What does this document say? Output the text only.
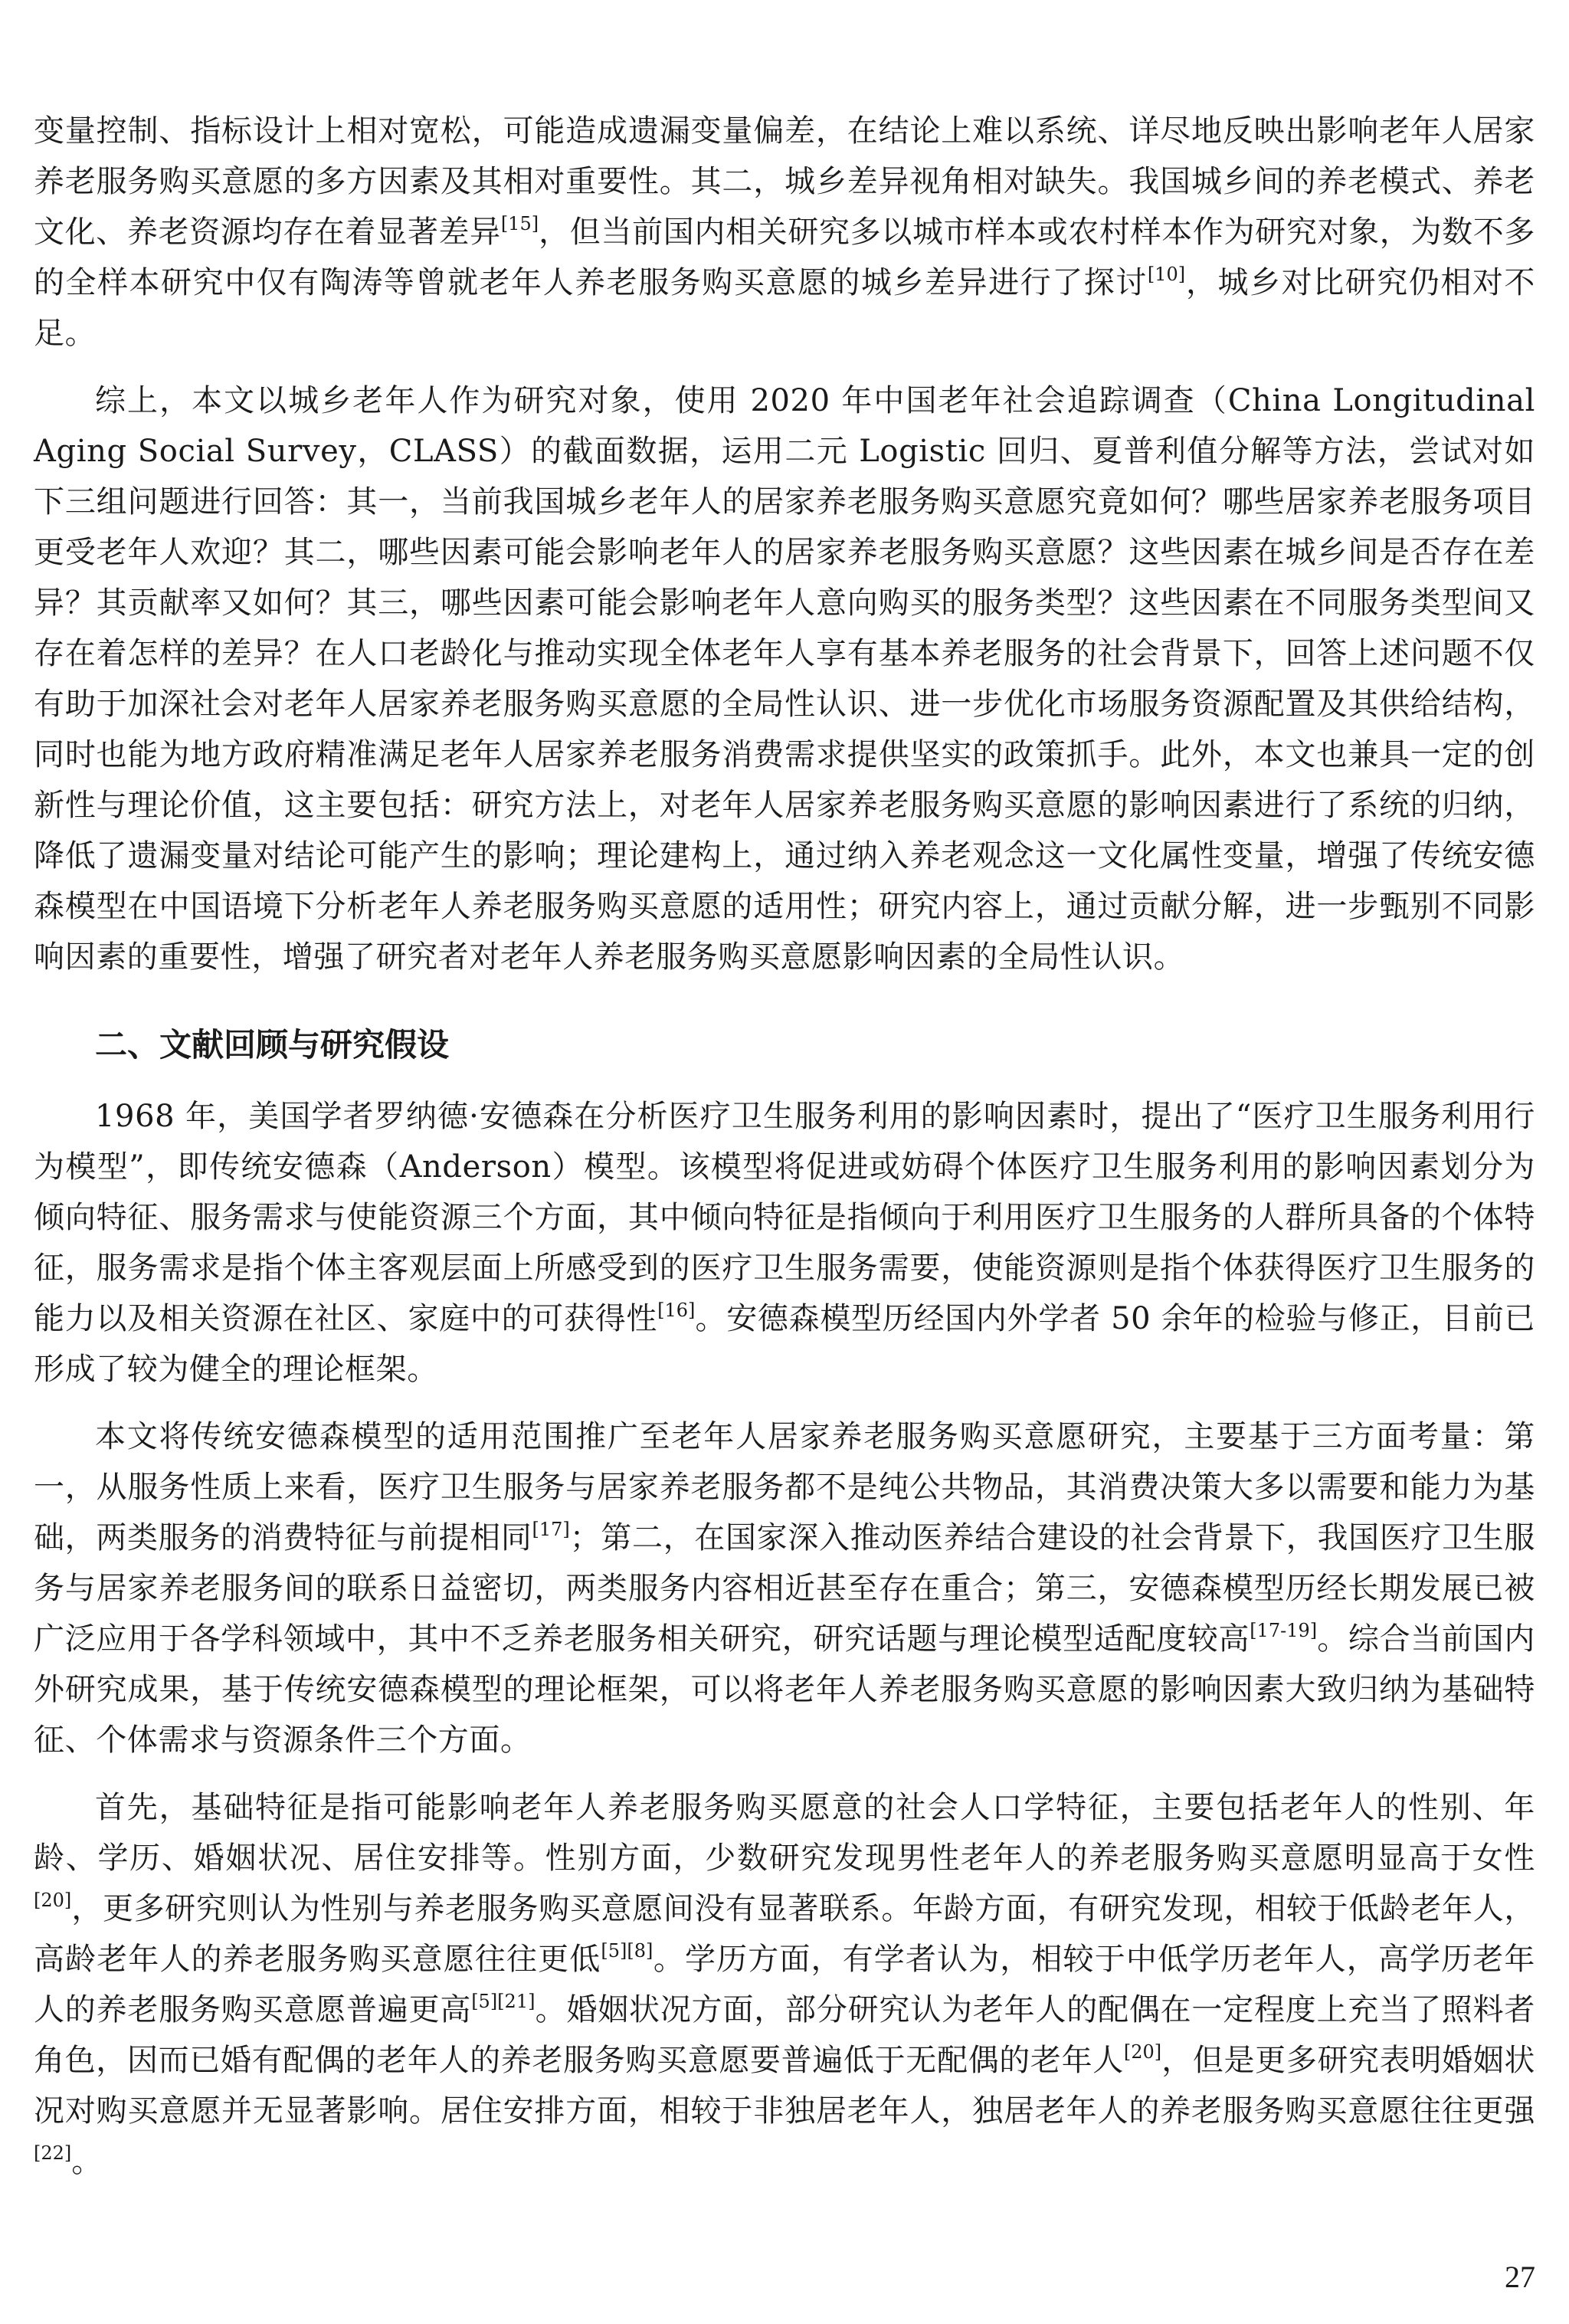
变量控制、指标设计上相对宽松，可能造成遗漏变量偏差，在结论上难以系统、详尽地反映出影响老年人居家养老服务购买意愿的多方因素及其相对重要性。其二，城乡差异视角相对缺失。我国城乡间的养老模式、养老文化、养老资源均存在着显著差异[15]，但当前国内相关研究多以城市样本或农村样本作为研究对象，为数不多的全样本研究中仅有陶涛等曾就老年人养老服务购买意愿的城乡差异进行了探讨[10]，城乡对比研究仍相对不足。

综上，本文以城乡老年人作为研究对象，使用 2020 年中国老年社会追踪调查（China Longitudinal Aging Social Survey，CLASS）的截面数据，运用二元 Logistic 回归、夏普利值分解等方法，尝试对如下三组问题进行回答：其一，当前我国城乡老年人的居家养老服务购买意愿究竟如何？哪些居家养老服务项目更受老年人欢迎？其二，哪些因素可能会影响老年人的居家养老服务购买意愿？这些因素在城乡间是否存在差异？其贡献率又如何？其三，哪些因素可能会影响老年人意向购买的服务类型？这些因素在不同服务类型间又存在着怎样的差异？在人口老龄化与推动实现全体老年人享有基本养老服务的社会背景下，回答上述问题不仅有助于加深社会对老年人居家养老服务购买意愿的全局性认识、进一步优化市场服务资源配置及其供给结构，同时也能为地方政府精准满足老年人居家养老服务消费需求提供坚实的政策抓手。此外，本文也兼具一定的创新性与理论价值，这主要包括：研究方法上，对老年人居家养老服务购买意愿的影响因素进行了系统的归纳，降低了遗漏变量对结论可能产生的影响；理论建构上，通过纳入养老观念这一文化属性变量，增强了传统安德森模型在中国语境下分析老年人养老服务购买意愿的适用性；研究内容上，通过贡献分解，进一步甄别不同影响因素的重要性，增强了研究者对老年人养老服务购买意愿影响因素的全局性认识。

二、文献回顾与研究假设

1968 年，美国学者罗纳德·安德森在分析医疗卫生服务利用的影响因素时，提出了“医疗卫生服务利用行为模型”，即传统安德森（Anderson）模型。该模型将促进或妨碍个体医疗卫生服务利用的影响因素划分为倾向特征、服务需求与使能资源三个方面，其中倾向特征是指倾向于利用医疗卫生服务的人群所具备的个体特征，服务需求是指个体主客观层面上所感受到的医疗卫生服务需要，使能资源则是指个体获得医疗卫生服务的能力以及相关资源在社区、家庭中的可获得性[16]。安德森模型历经国内外学者 50 余年的检验与修正，目前已形成了较为健全的理论框架。

本文将传统安德森模型的适用范围推广至老年人居家养老服务购买意愿研究，主要基于三方面考量：第一，从服务性质上来看，医疗卫生服务与居家养老服务都不是纯公共物品，其消费决策大多以需要和能力为基础，两类服务的消费特征与前提相同[17]；第二，在国家深入推动医养结合建设的社会背景下，我国医疗卫生服务与居家养老服务间的联系日益密切，两类服务内容相近甚至存在重合；第三，安德森模型历经长期发展已被广泛应用于各学科领域中，其中不乏养老服务相关研究，研究话题与理论模型适配度较高[17-19]。综合当前国内外研究成果，基于传统安德森模型的理论框架，可以将老年人养老服务购买意愿的影响因素大致归纳为基础特征、个体需求与资源条件三个方面。

首先，基础特征是指可能影响老年人养老服务购买愿意的社会人口学特征，主要包括老年人的性别、年龄、学历、婚姻状况、居住安排等。性别方面，少数研究发现男性老年人的养老服务购买意愿明显高于女性[20]，更多研究则认为性别与养老服务购买意愿间没有显著联系。年龄方面，有研究发现，相较于低龄老年人，高龄老年人的养老服务购买意愿往往更低[5][8]。学历方面，有学者认为，相较于中低学历老年人，高学历老年人的养老服务购买意愿普遍更高[5][21]。婚姻状况方面，部分研究认为老年人的配偶在一定程度上充当了照料者角色，因而已婚有配偶的老年人的养老服务购买意愿要普遍低于无配偶的老年人[20]，但是更多研究表明婚姻状况对购买意愿并无显著影响。居住安排方面，相较于非独居老年人，独居老年人的养老服务购买意愿往往更强[22]。

27
